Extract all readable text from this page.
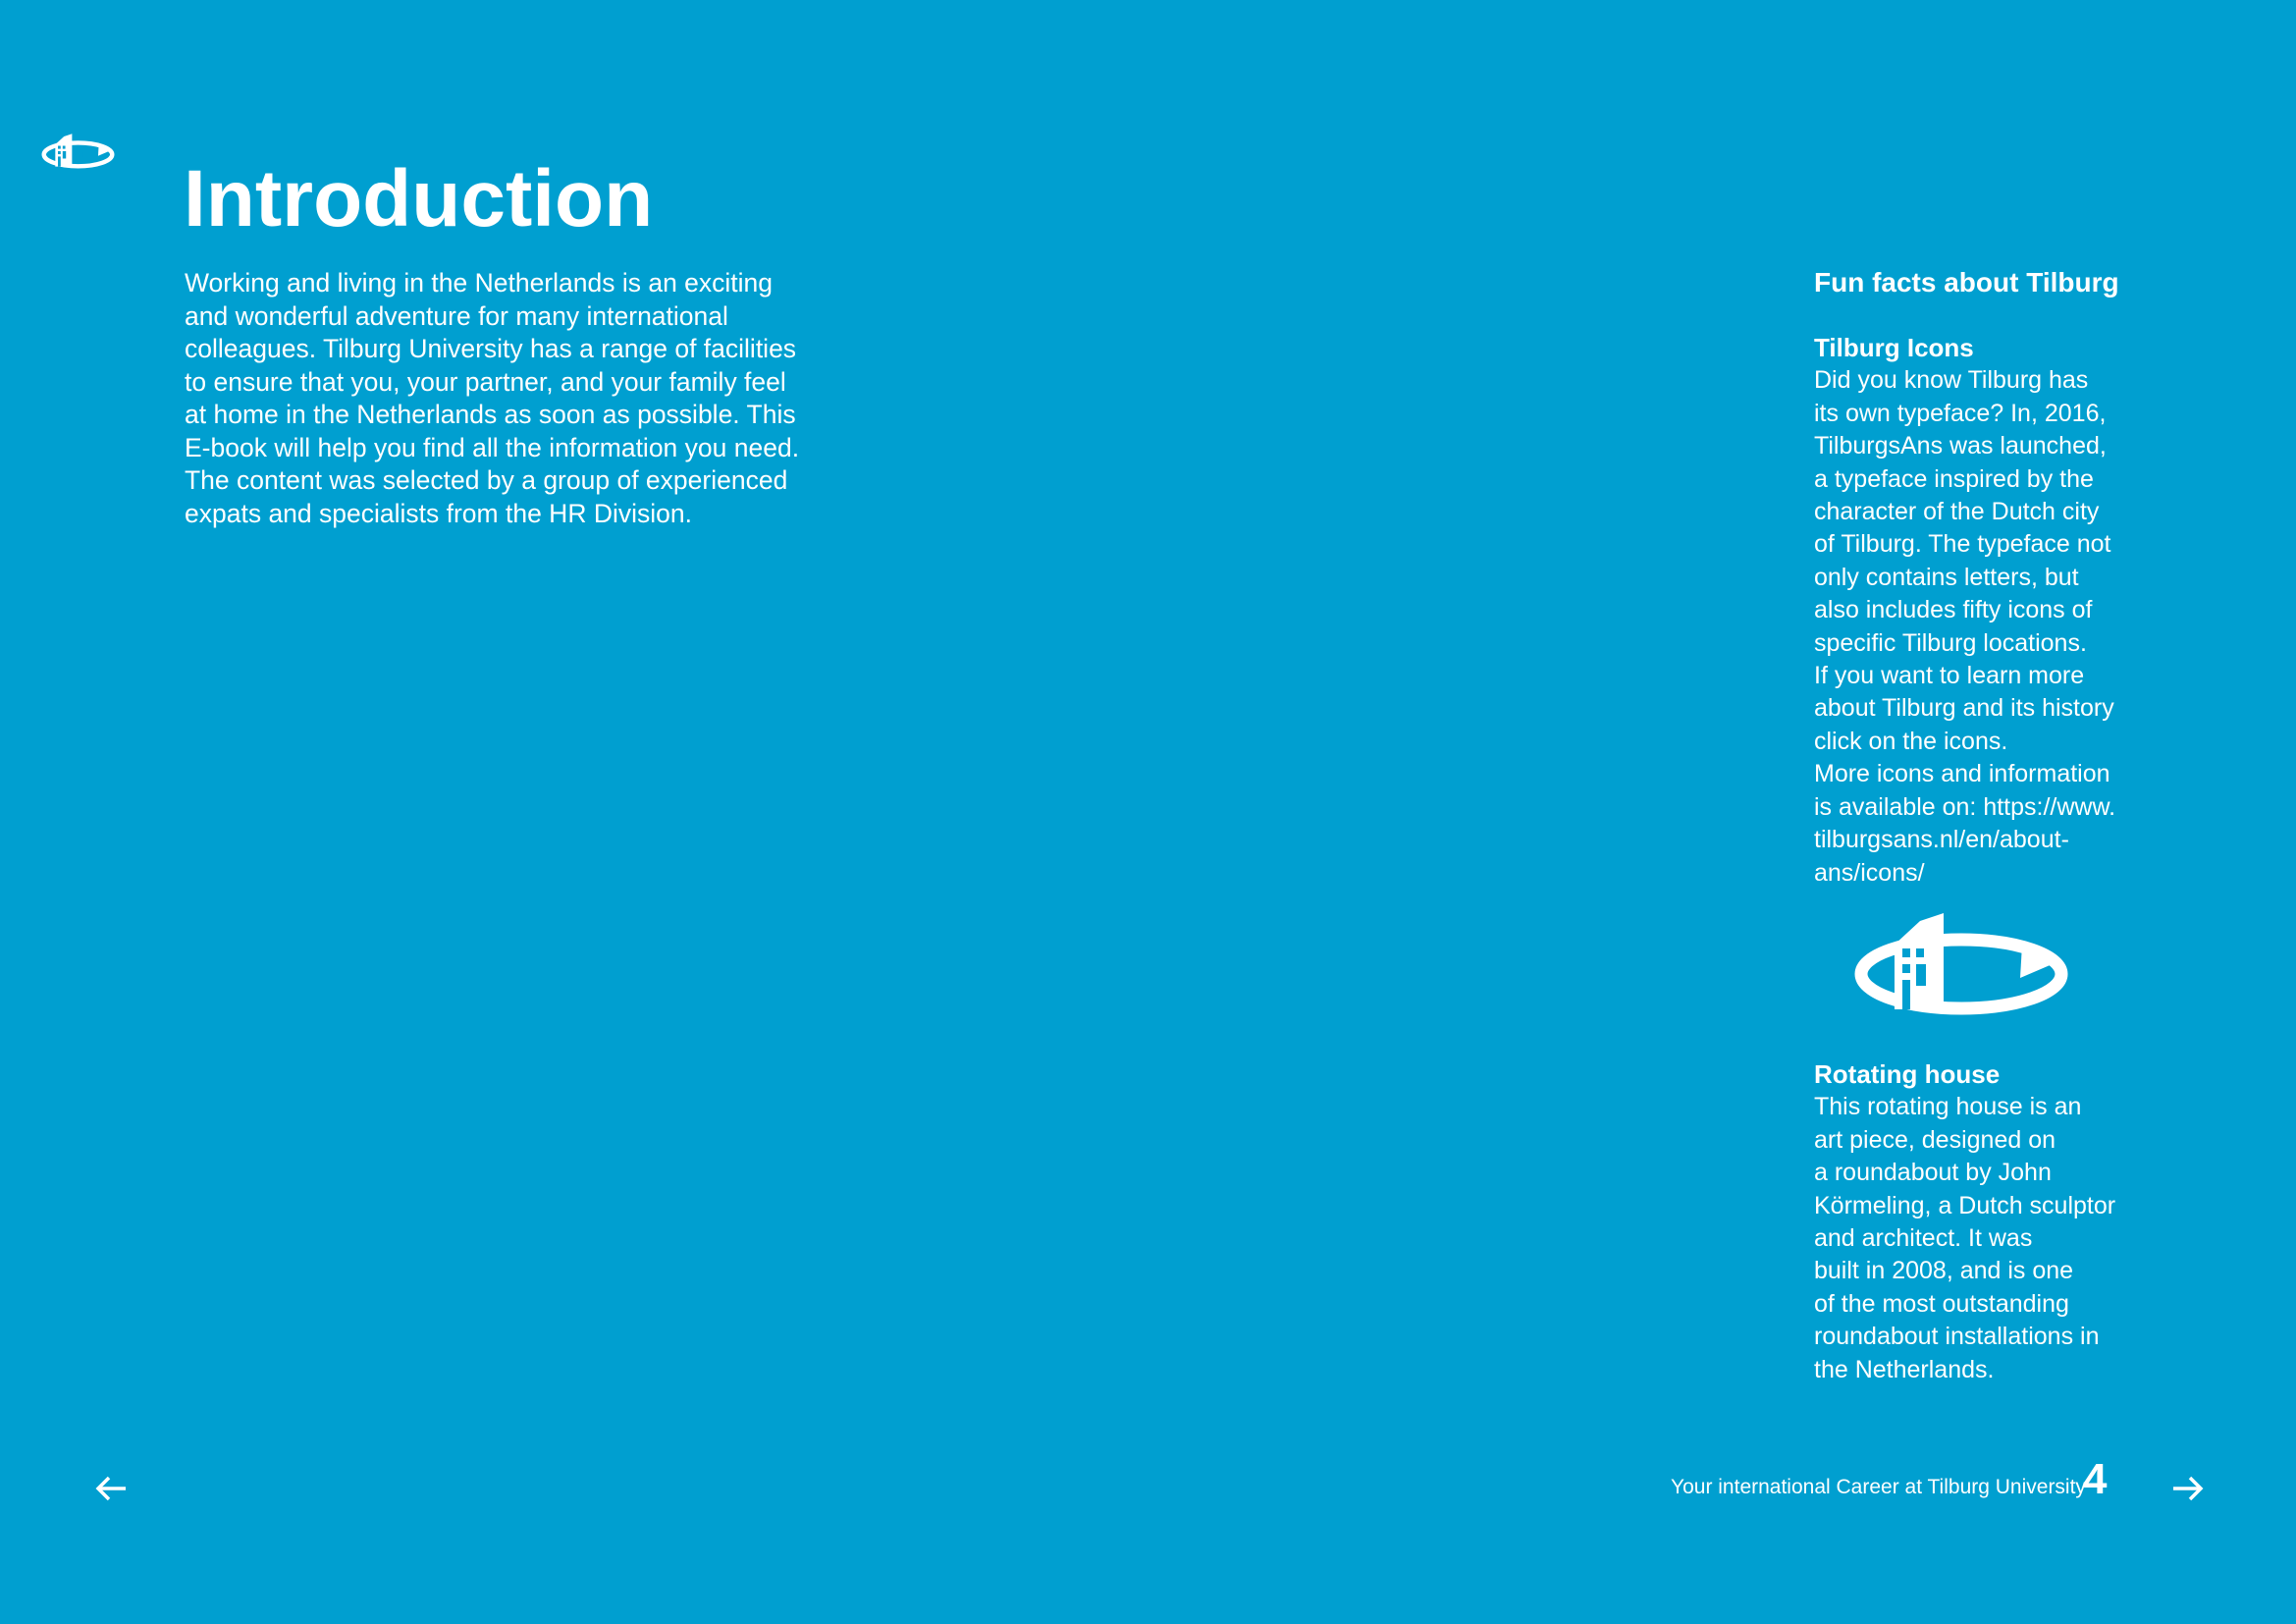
Introduction
Working and living in the Netherlands is an exciting
and wonderful adventure for many international
colleagues. Tilburg University has a range of facilities
to ensure that you, your partner, and your family feel
at home in the Netherlands as soon as possible. This
E-book will help you find all the information you need.
The content was selected by a group of experienced
expats and specialists from the HR Division.
Fun facts about Tilburg
Tilburg Icons
Did you know Tilburg has
its own typeface? In, 2016,
TilburgsAns was launched,
a typeface inspired by the
character of the Dutch city
of Tilburg. The typeface not
only contains letters, but
also includes fifty icons of
specific Tilburg locations.
If you want to learn more
about Tilburg and its history
click on the icons.
More icons and information
is available on: https://www.
tilburgsans.nl/en/about-
ans/icons/
Rotating house
This rotating house is an
art piece, designed on
a roundabout by John
Körmeling, a Dutch sculptor
and architect. It was
built in 2008, and is one
of the most outstanding
roundabout installations in
the Netherlands.
Your international Career at Tilburg University
4
